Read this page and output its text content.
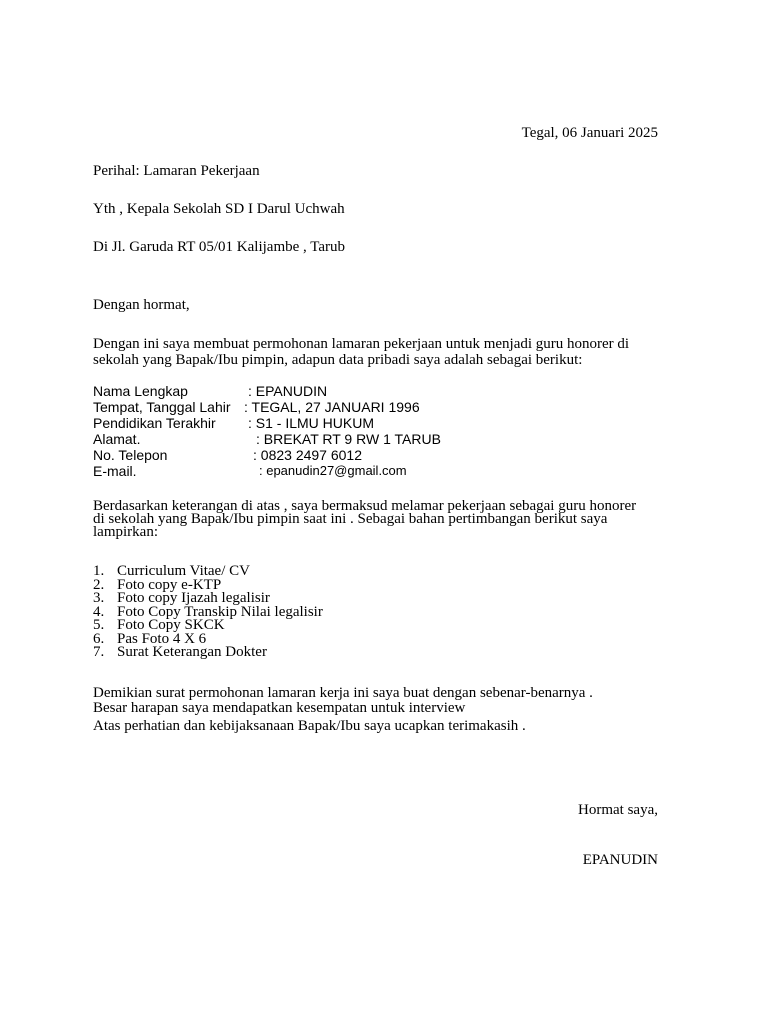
Tegal, 06 Januari 2025
Perihal: Lamaran Pekerjaan
Yth , Kepala Sekolah SD I Darul Uchwah
Di Jl. Garuda RT 05/01 Kalijambe , Tarub
Dengan hormat,
Dengan ini saya membuat permohonan lamaran pekerjaan untuk menjadi guru honorer di
sekolah yang Bapak/Ibu pimpin, adapun data pribadi saya adalah sebagai berikut:
Nama Lengkap	: EPANUDIN
Tempat, Tanggal Lahir : TEGAL, 27 JANUARI 1996
Pendidikan Terakhir : S1 - ILMU HUKUM
Alamat.	: BREKAT RT 9 RW 1 TARUB
No. Telepon	: 0823 2497 6012
E-mail.	: epanudin27@gmail.com
Berdasarkan keterangan di atas , saya bermaksud melamar pekerjaan sebagai guru honorer
di sekolah yang Bapak/Ibu pimpin saat ini . Sebagai bahan pertimbangan berikut saya
lampirkan:
1. Curriculum Vitae/ CV
2. Foto copy e-KTP
3. Foto copy Ijazah legalisir
4. Foto Copy Transkip Nilai legalisir
5. Foto Copy SKCK
6. Pas Foto 4 X 6
7. Surat Keterangan Dokter
Demikian surat permohonan lamaran kerja ini saya buat dengan sebenar-benarnya .
Besar harapan saya mendapatkan kesempatan untuk interview
Atas perhatian dan kebijaksanaan Bapak/Ibu saya ucapkan terimakasih .
Hormat saya,
EPANUDIN
